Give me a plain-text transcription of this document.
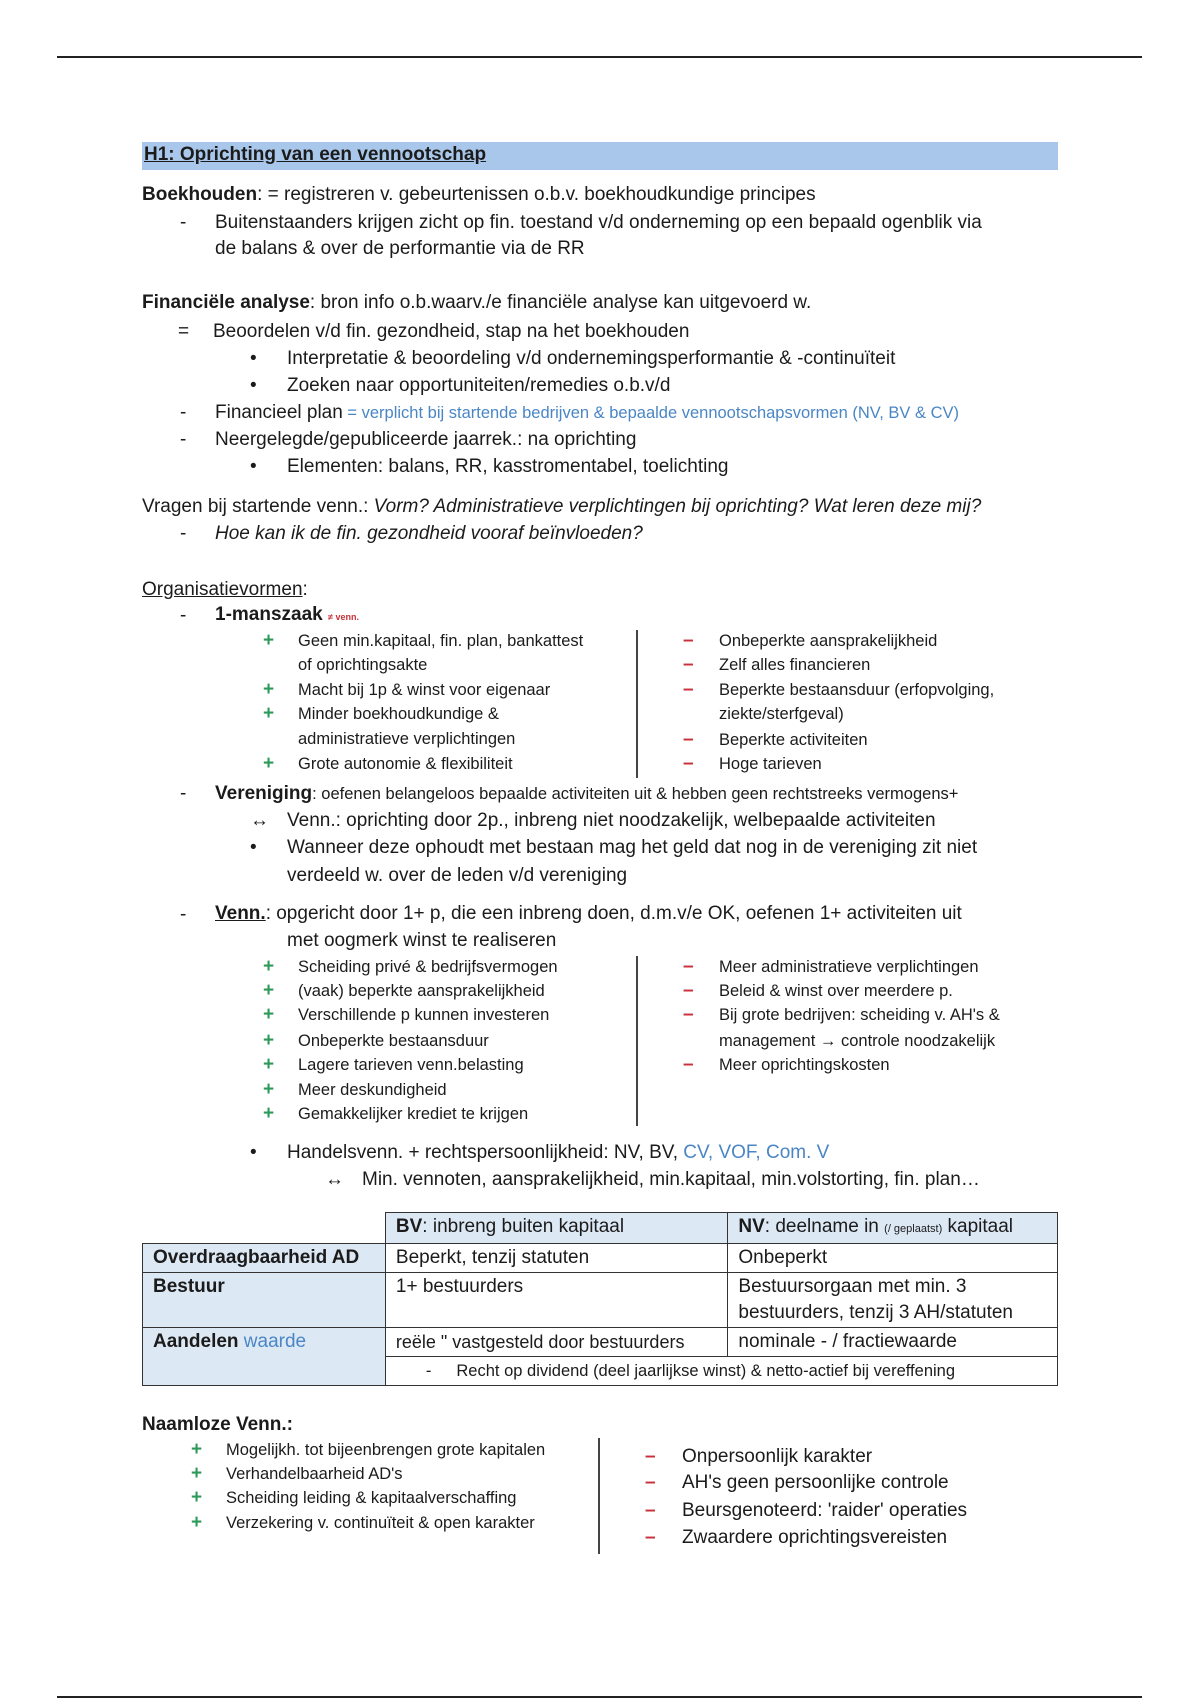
H1: Oprichting van een vennootschap
Boekhouden: = registreren v. gebeurtenissen o.b.v. boekhoudkundige principes
- Buitenstaanders krijgen zicht op fin. toestand v/d onderneming op een bepaald ogenblik via
de balans & over de performantie via de RR
Financiële analyse: bron info o.b.waarv./e financiële analyse kan uitgevoerd w.
= Beoordelen v/d fin. gezondheid, stap na het boekhouden
• Interpretatie & beoordeling v/d ondernemingsperformantie & -continuïteit
• Zoeken naar opportuniteiten/remedies o.b.v/d
- Financieel plan = verplicht bij startende bedrijven & bepaalde vennootschapsvormen (NV, BV & CV)
- Neergelegde/gepubliceerde jaarrek.: na oprichting
• Elementen: balans, RR, kasstromentabel, toelichting
Vragen bij startende venn.: Vorm? Administratieve verplichtingen bij oprichting? Wat leren deze mij?
- Hoe kan ik de fin. gezondheid vooraf beïnvloeden?
Organisatievormen:
- 1-manszaak ≠ venn.
+ Geen min.kapitaal, fin. plan, bankattest
of oprichtingsakte
+ Macht bij 1p & winst voor eigenaar
+ Minder boekhoudkundige &
administratieve verplichtingen
+ Grote autonomie & flexibiliteit
– Onbeperkte aansprakelijkheid
– Zelf alles financieren
– Beperkte bestaansduur (erfopvolging,
ziekte/sterfgeval)
– Beperkte activiteiten
– Hoge tarieven
- Vereniging: oefenen belangeloos bepaalde activiteiten uit & hebben geen rechtstreeks vermogens+
↔ Venn.: oprichting door 2p., inbreng niet noodzakelijk, welbepaalde activiteiten
• Wanneer deze ophoudt met bestaan mag het geld dat nog in de vereniging zit niet
verdeeld w. over de leden v/d vereniging
- Venn.: opgericht door 1+ p, die een inbreng doen, d.m.v/e OK, oefenen 1+ activiteiten uit
met oogmerk winst te realiseren
+ Scheiding privé & bedrijfsvermogen
+ (vaak) beperkte aansprakelijkheid
+ Verschillende p kunnen investeren
+ Onbeperkte bestaansduur
+ Lagere tarieven venn.belasting
+ Meer deskundigheid
+ Gemakkelijker krediet te krijgen
– Meer administratieve verplichtingen
– Beleid & winst over meerdere p.
– Bij grote bedrijven: scheiding v. AH's &
management → controle noodzakelijk
– Meer oprichtingskosten
• Handelsvenn. + rechtspersoonlijkheid: NV, BV, CV, VOF, Com. V
↔ Min. vennoten, aansprakelijkheid, min.kapitaal, min.volstorting, fin. plan…
	BV: inbreng buiten kapitaal	NV: deelname in (/ geplaatst) kapitaal
Overdraagbaarheid AD	Beperkt, tenzij statuten	Onbeperkt
Bestuur	1+ bestuurders	Bestuursorgaan met min. 3
bestuurders, tenzij 3 AH/statuten

Aandelen waarde	reële " vastgesteld door bestuurders	nominale - / fractiewaarde
	- Recht op dividend (deel jaarlijkse winst) & netto-actief bij vereffening	
Naamloze Venn.:
+ Mogelijkh. tot bijeenbrengen grote kapitalen
+ Verhandelbaarheid AD's
+ Scheiding leiding & kapitaalverschaffing
+ Verzekering v. continuïteit & open karakter
– Onpersoonlijk karakter
– AH's geen persoonlijke controle
– Beursgenoteerd: 'raider' operaties
– Zwaardere oprichtingsvereisten
